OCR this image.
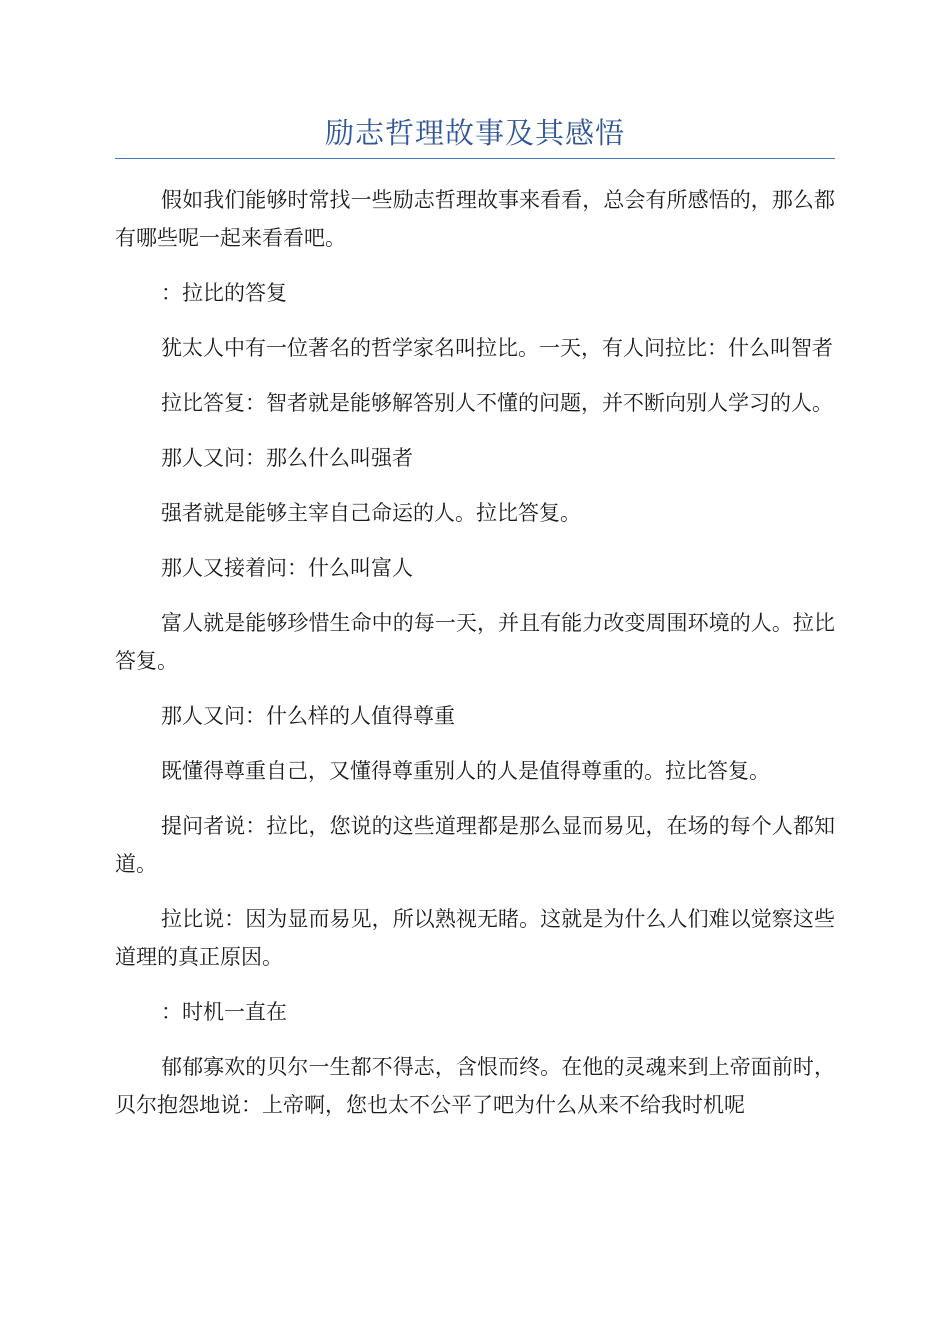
励志哲理故事及其感悟

假如我们能够时常找一些励志哲理故事来看看，总会有所感悟的，那么都有哪些呢一起来看看吧。

：拉比的答复

犹太人中有一位著名的哲学家名叫拉比。一天，有人问拉比：什么叫智者

拉比答复：智者就是能够解答别人不懂的问题，并不断向别人学习的人。

那人又问：那么什么叫强者

强者就是能够主宰自己命运的人。拉比答复。

那人又接着问：什么叫富人

富人就是能够珍惜生命中的每一天，并且有能力改变周围环境的人。拉比答复。

那人又问：什么样的人值得尊重

既懂得尊重自己，又懂得尊重别人的人是值得尊重的。拉比答复。

提问者说：拉比，您说的这些道理都是那么显而易见，在场的每个人都知道。

拉比说：因为显而易见，所以熟视无睹。这就是为什么人们难以觉察这些道理的真正原因。

：时机一直在

郁郁寡欢的贝尔一生都不得志，含恨而终。在他的灵魂来到上帝面前时，贝尔抱怨地说：上帝啊，您也太不公平了吧为什么从来不给我时机呢
